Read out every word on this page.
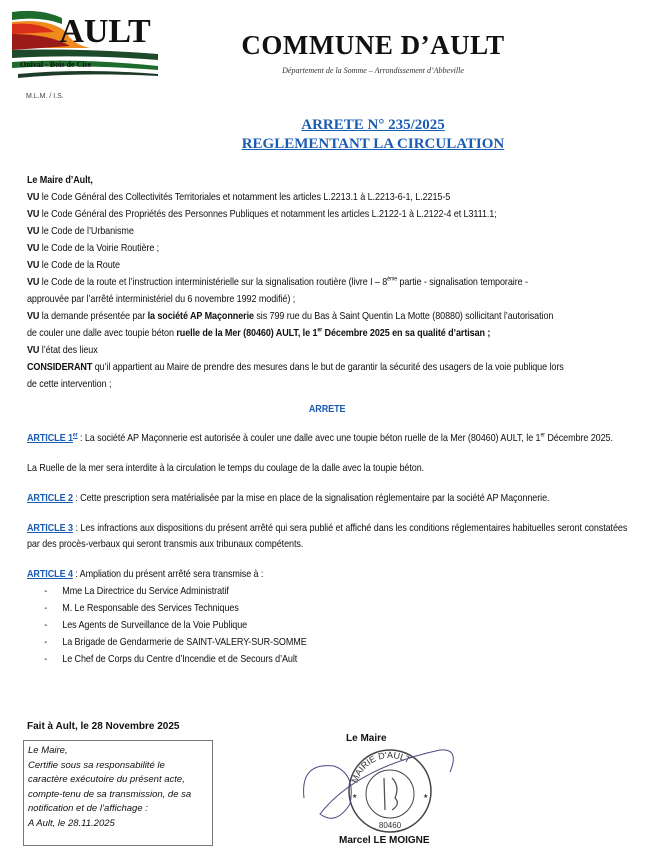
AULT
Onival - Bois de Cise
COMMUNE D’AULT
Département de la Somme – Arrondissement d’Abbeville
M.L.M. / I.S.
ARRETE N° 235/2025
REGLEMENTANT LA CIRCULATION
Le Maire d’Ault,
VU le Code Général des Collectivités Territoriales et notamment les articles L.2213.1 à L.2213-6-1, L.2215-5
VU le Code Général des Propriétés des Personnes Publiques et notamment les articles L.2122-1 à L.2122-4 et L3111.1;
VU le Code de l’Urbanisme
VU le Code de la Voirie Routière ;
VU le Code de la Route
VU le Code de la route et l’instruction interministérielle sur la signalisation routière (livre I – 8ème partie - signalisation temporaire -
approuvée par l’arrêté interministériel du 6 novembre 1992 modifié) ;
VU la demande présentée par la société AP Maçonnerie sis 799 rue du Bas à Saint Quentin La Motte (80880) sollicitant l’autorisation
de couler une dalle avec toupie béton ruelle de la Mer (80460) AULT, le 1er Décembre 2025 en sa qualité d’artisan ;
VU l’état des lieux
CONSIDERANT qu’il appartient au Maire de prendre des mesures dans le but de garantir la sécurité des usagers de la voie publique lors
de cette intervention ;
ARRETE
ARTICLE 1er : La société AP Maçonnerie est autorisée à couler une dalle avec une toupie béton ruelle de la Mer (80460) AULT, le 1er Décembre 2025.
La Ruelle de la mer sera interdite à la circulation le temps du coulage de la dalle avec la toupie béton.
ARTICLE 2 : Cette prescription sera matérialisée par la mise en place de la signalisation réglementaire par la société AP Maçonnerie.
ARTICLE 3 : Les infractions aux dispositions du présent arrêté qui sera publié et affiché dans les conditions réglementaires habituelles seront constatées par des procès-verbaux qui seront transmis aux tribunaux compétents.
ARTICLE 4 : Ampliation du présent arrêté sera transmise à :
- Mme La Directrice du Service Administratif
- M. Le Responsable des Services Techniques
- Les Agents de Surveillance de la Voie Publique
- La Brigade de Gendarmerie de SAINT-VALERY-SUR-SOMME
- Le Chef de Corps du Centre d’Incendie et de Secours d’Ault
Fait à Ault, le 28 Novembre 2025
Le Maire,
Certifie sous sa responsabilité le
caractère exécutoire du présent acte,
compte-tenu de sa transmission, de sa
notification et de l’affichage :
A Ault, le 28.11.2025
Le Maire
MAIRIE D'AULT
80460
★	★
Marcel LE MOIGNE
